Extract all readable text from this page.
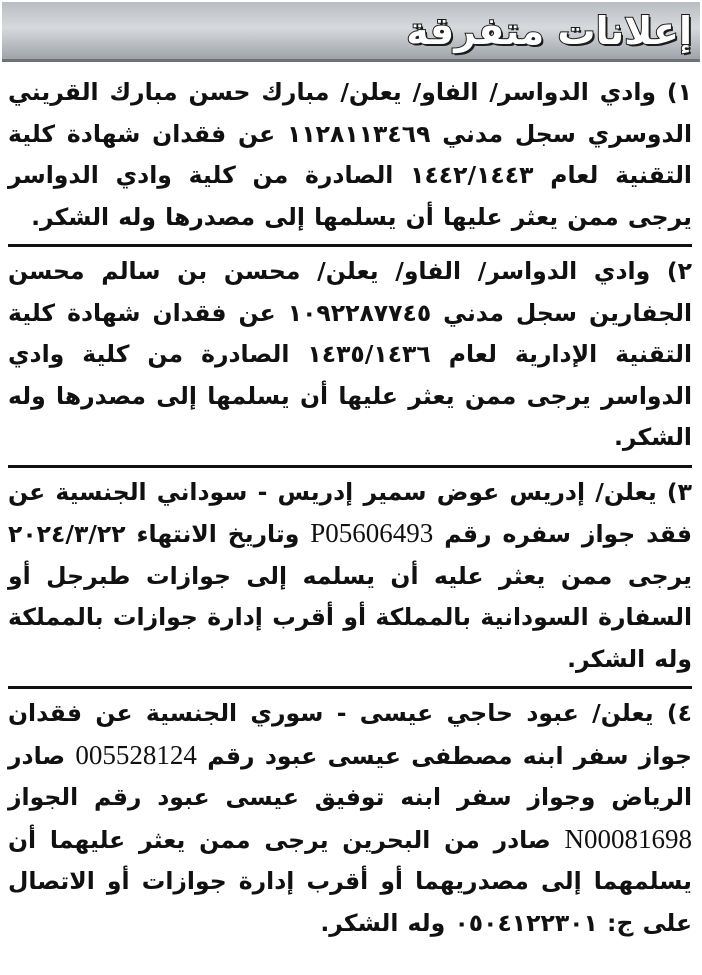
إعلانات متفرقة

١) وادي الدواسر/ الفاو/ يعلن/ مبارك حسن مبارك القريني الدوسري سجل مدني ١١٢٨١١٣٤٦٩ عن فقدان شهادة كلية التقنية لعام ١٤٤٢/١٤٤٣ الصادرة من كلية وادي الدواسر يرجى ممن يعثر عليها أن يسلمها إلى مصدرها وله الشكر.

٢) وادي الدواسر/ الفاو/ يعلن/ محسن بن سالم محسن الجفارين سجل مدني ١٠٩٢٢٨٧٧٤٥ عن فقدان شهادة كلية التقنية الإدارية لعام ١٤٣٥/١٤٣٦ الصادرة من كلية وادي الدواسر يرجى ممن يعثر عليها أن يسلمها إلى مصدرها وله الشكر.

٣) يعلن/ إدريس عوض سمير إدريس - سوداني الجنسية عن فقد جواز سفره رقم P05606493 وتاريخ الانتهاء ٢٠٢٤/٣/٢٢ يرجى ممن يعثر عليه أن يسلمه إلى جوازات طبرجل أو السفارة السودانية بالمملكة أو أقرب إدارة جوازات بالمملكة وله الشكر.

٤) يعلن/ عبود حاجي عيسى - سوري الجنسية عن فقدان جواز سفر ابنه مصطفى عيسى عبود رقم 005528124 صادر الرياض وجواز سفر ابنه توفيق عيسى عبود رقم الجواز N00081698 صادر من البحرين يرجى ممن يعثر عليهما أن يسلمهما إلى مصدريهما أو أقرب إدارة جوازات أو الاتصال على ج: ٠٥٠٤١٢٢٣٠١ وله الشكر.
